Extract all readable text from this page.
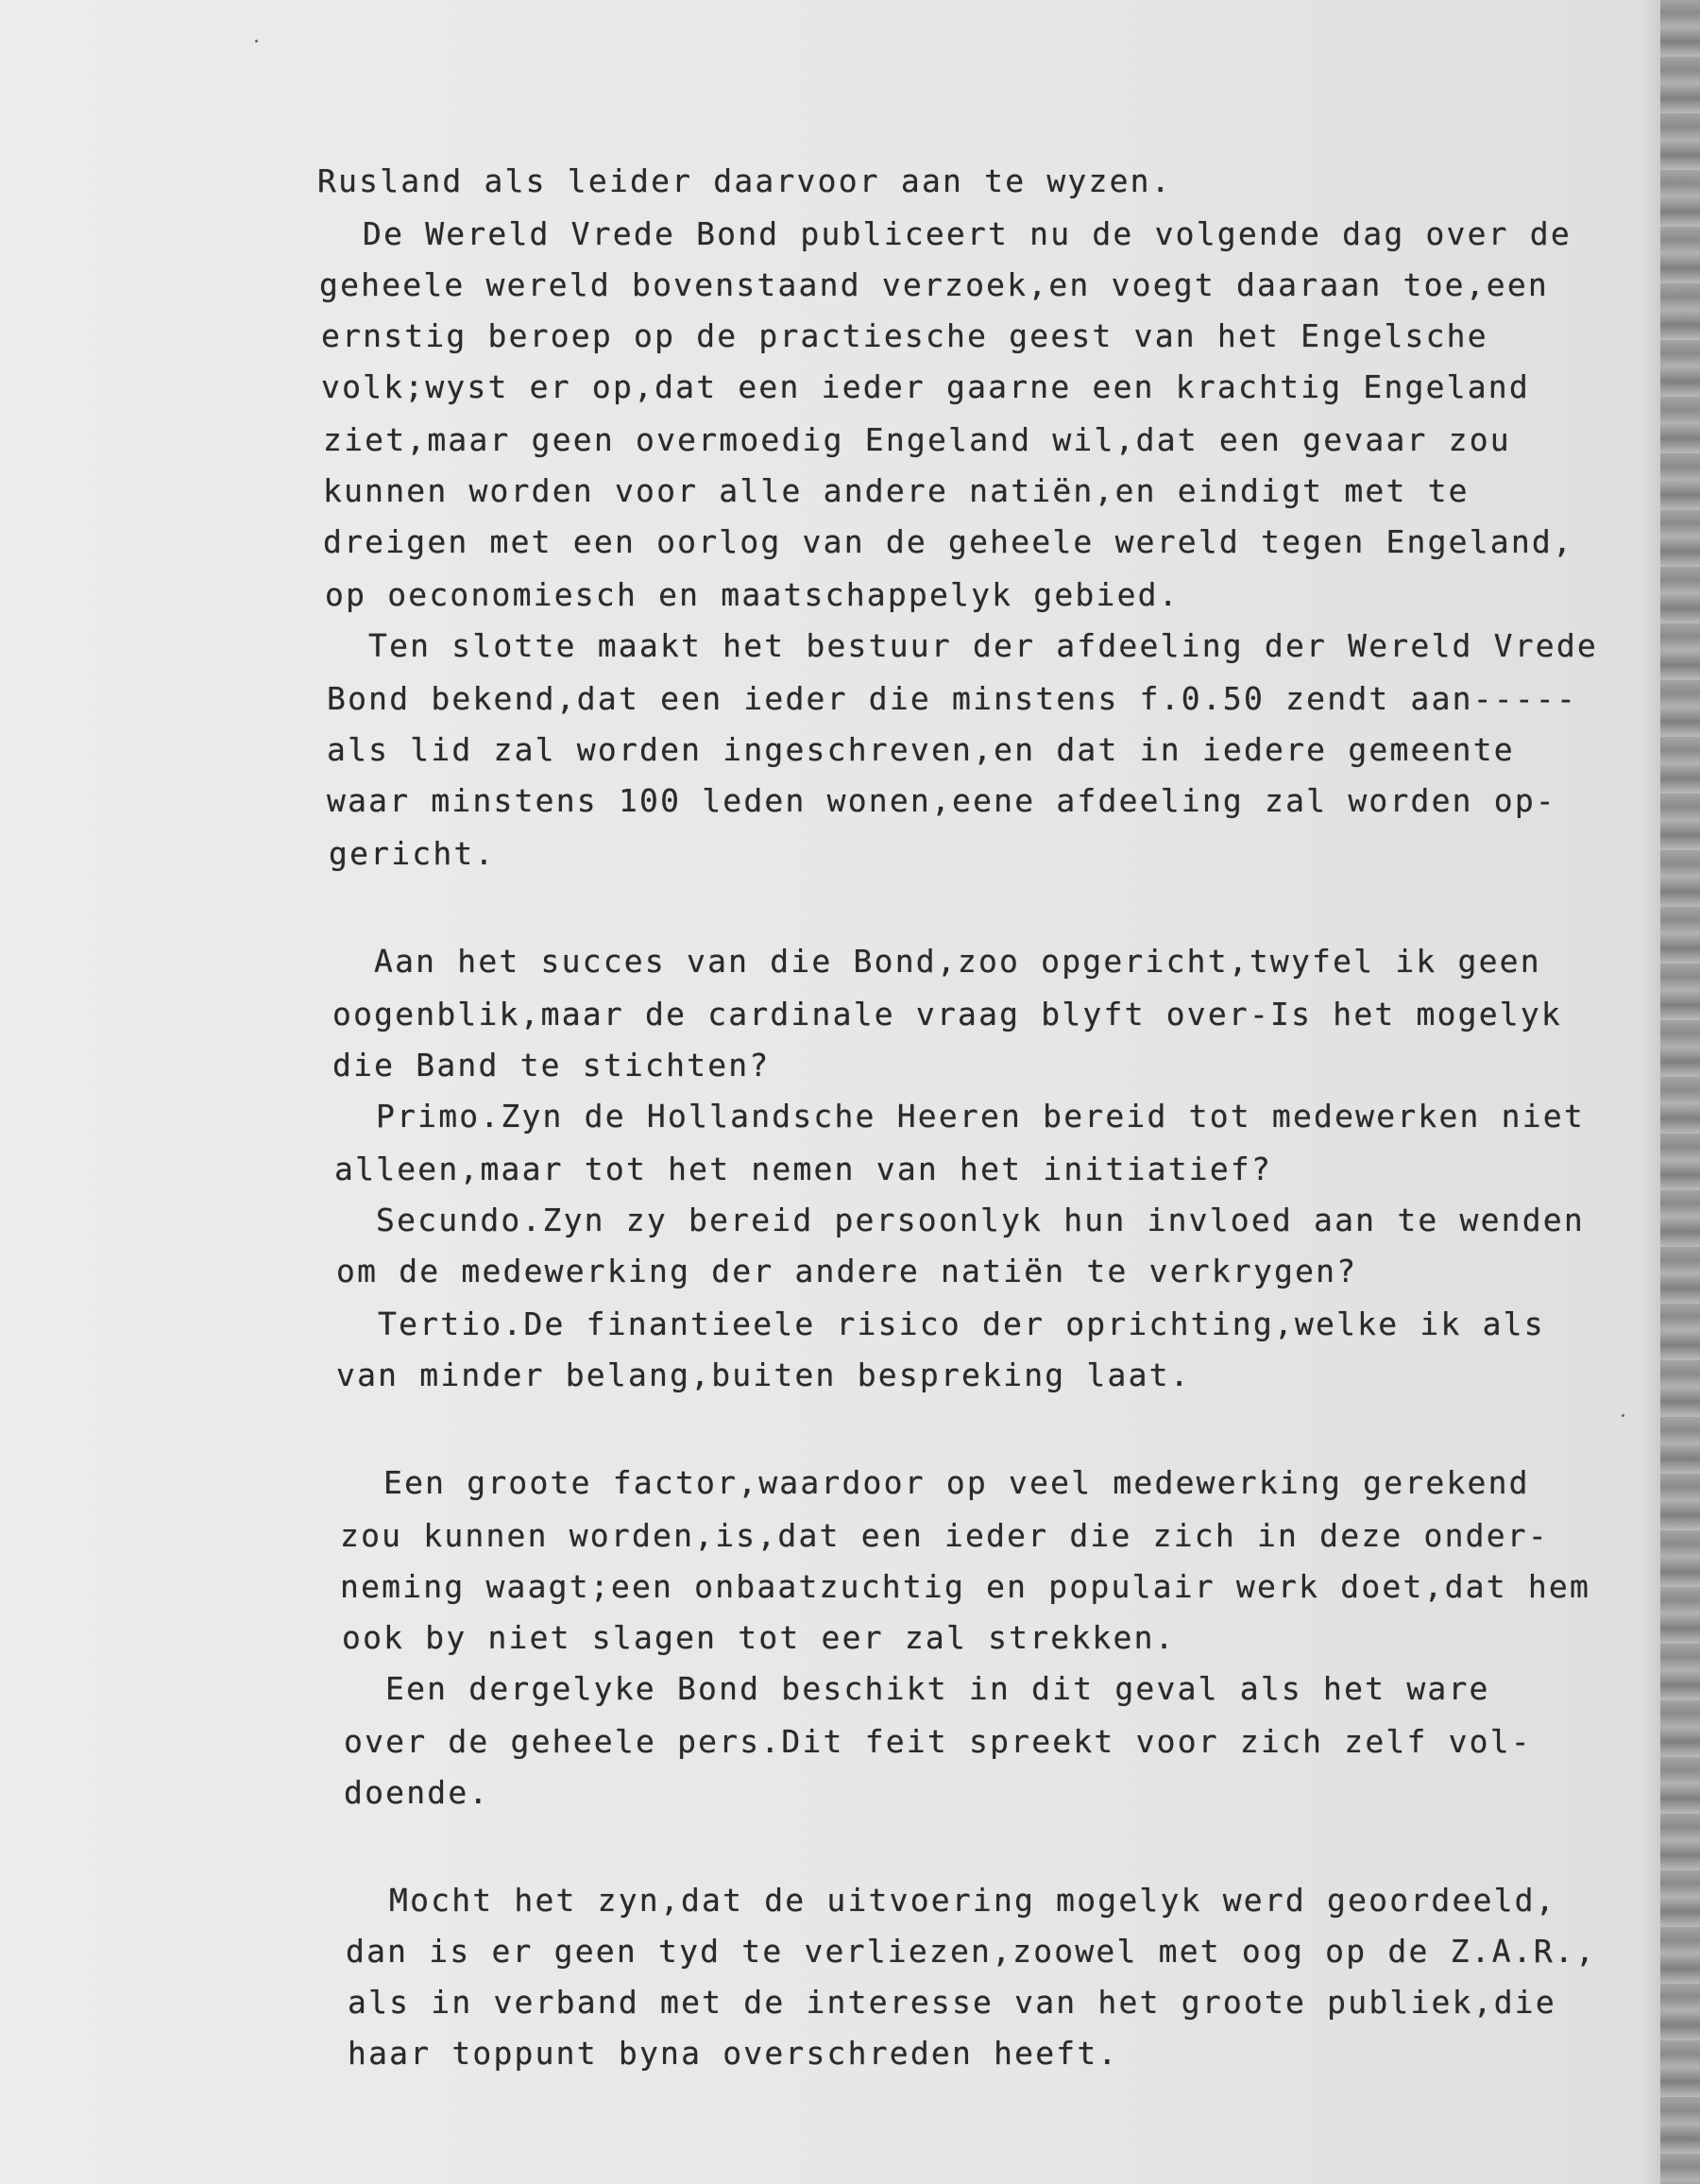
Rusland als leider daarvoor aan te wyzen.
De Wereld Vrede Bond publiceert nu de volgende dag over de
geheele wereld bovenstaand verzoek,en voegt daaraan toe,een
ernstig beroep op de practiesche geest van het Engelsche
volk;wyst er op,dat een ieder gaarne een krachtig Engeland
ziet,maar geen overmoedig Engeland wil,dat een gevaar zou
kunnen worden voor alle andere natiën,en eindigt met te
dreigen met een oorlog van de geheele wereld tegen Engeland,
op oeconomiesch en maatschappelyk gebied.
Ten slotte maakt het bestuur der afdeeling der Wereld Vrede
Bond bekend,dat een ieder die minstens f.0.50 zendt aan-----
als lid zal worden ingeschreven,en dat in iedere gemeente
waar minstens 100 leden wonen,eene afdeeling zal worden op-
gericht.
Aan het succes van die Bond,zoo opgericht,twyfel ik geen
oogenblik,maar de cardinale vraag blyft over-Is het mogelyk
die Band te stichten?
Primo.Zyn de Hollandsche Heeren bereid tot medewerken niet
alleen,maar tot het nemen van het initiatief?
Secundo.Zyn zy bereid persoonlyk hun invloed aan te wenden
om de medewerking der andere natiën te verkrygen?
Tertio.De finantieele risico der oprichting,welke ik als
van minder belang,buiten bespreking laat.
Een groote factor,waardoor op veel medewerking gerekend
zou kunnen worden,is,dat een ieder die zich in deze onder-
neming waagt;een onbaatzuchtig en populair werk doet,dat hem
ook by niet slagen tot eer zal strekken.
Een dergelyke Bond beschikt in dit geval als het ware
over de geheele pers.Dit feit spreekt voor zich zelf vol-
doende.
Mocht het zyn,dat de uitvoering mogelyk werd geoordeeld,
dan is er geen tyd te verliezen,zoowel met oog op de Z.A.R.,
als in verband met de interesse van het groote publiek,die
haar toppunt byna overschreden heeft.
